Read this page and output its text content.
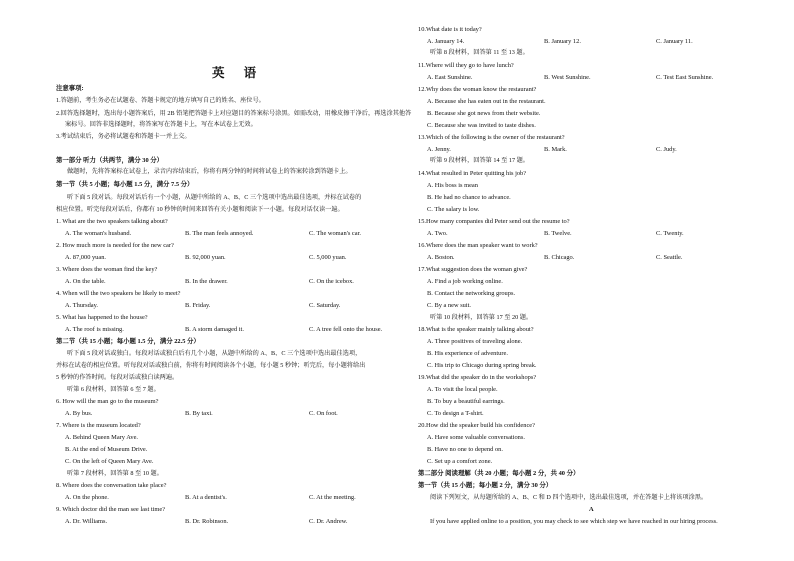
英 语
注意事项:
1.答题前，考生务必在试题卷、答题卡规定的地方填写自己的姓名、座位号。
2.回答选择题时，选出每小题答案后，用 2B 铅笔把答题卡上对应题目的答案标号涂黑。如需改动，用橡皮擦干净后，再选涂其他答
案标号。回答非选择题时，将答案写在答题卡上，写在本试卷上无效。
3.考试结束后，务必将试题卷和答题卡一并上交。
第一部分 听力（共两节，满分 30 分）
做题时，先将答案标在试卷上，录音内容结束后，你将有两分钟的时间将试卷上的答案转涂到答题卡上。
第一节（共 5 小题；每小题 1.5 分，满分 7.5 分）
听下面 5 段对话。每段对话后有一个小题，从题中所给的 A、B、C 三个选项中选出最佳选项，并标在试卷的
相应位置。听完每段对话后，你都有 10 秒钟的时间来回答有关小题和阅读下一小题。每段对话仅读一遍。
1. What are the two speakers talking about?
A. The woman's husband.	B. The man feels annoyed.	C. The woman's car.
2. How much more is needed for the new car?
A. 87,000 yuan.	B. 92,000 yuan.	C. 5,000 yuan.
3. Where does the woman find the key?
A. On the table.	B. In the drawer.	C. On the icebox.
4. When will the two speakers be likely to meet?
A. Thursday.	B. Friday.	C. Saturday.
5. What has happened to the house?
A. The roof is missing.	B. A storm damaged it.	C. A tree fell onto the house.
第二节（共 15 小题；每小题 1.5 分，满分 22.5 分）
听下面 5 段对话或独白。每段对话或独白后有几个小题，从题中所给的 A、B、C 三个选项中选出最佳选项，
并标在试卷的相应位置。听每段对话或独白前，你将有时间阅读各个小题，每小题 5 秒钟；听完后，每小题将给出
5 秒钟的作答时间。每段对话或独白读两遍。
听第 6 段材料，回答第 6 至 7 题。
6. How will the man go to the museum?
A. By bus.	B. By taxi.	C. On foot.
7. Where is the museum located?
A. Behind Queen Mary Ave.
B. At the end of Museum Drive.
C. On the left of Queen Mary Ave.
听第 7 段材料，回答第 8 至 10 题。
8. Where does the conversation take place?
A. On the phone.	B. At a dentist's.	C. At the meeting.
9. Which doctor did the man see last time?
A. Dr. Williams.	B. Dr. Robinson.	C. Dr. Andrew.
10.What date is it today?
A. January 14.	B. January 12.	C. January 11.
听第 8 段材料，回答第 11 至 13 题。
11.Where will they go to have lunch?
A. East Sunshine.	B. West Sunshine.	C. Test East Sunshine.
12.Why does the woman know the restaurant?
A. Because she has eaten out in the restaurant.
B. Because she got news from their website.
C. Because she was invited to taste dishes.
13.Which of the following is the owner of the restaurant?
A. Jenny.	B. Mark.	C. Judy.
听第 9 段材料，回答第 14 至 17 题。
14.What resulted in Peter quitting his job?
A. His boss is mean
B. He had no chance to advance.
C. The salary is low.
15.How many companies did Peter send out the resume to?
A. Two.	B. Twelve.	C. Twenty.
16.Where does the man speaker want to work?
A. Boston.	B. Chicago.	C. Seattle.
17.What suggestion does the woman give?
A. Find a job working online.
B. Contact the networking groups.
C. By a new suit.
听第 10 段材料，回答第 17 至 20 题。
18.What is the speaker mainly talking about?
A. Three positives of traveling alone.
B. His experience of adventure.
C. His trip to Chicago during spring break.
19.What did the speaker do in the workshops?
A. To visit the local people.
B. To buy a beautiful earrings.
C. To design a T-shirt.
20.How did the speaker build his confidence?
A. Have some valuable conversations.
B. Have no one to depend on.
C. Set up a comfort zone.
第二部分 阅读理解（共 20 小题；每小题 2 分，共 40 分）
第一节（共 15 小题；每小题 2 分，满分 30 分）
阅读下列短文，从每题所给的 A、B、C 和 D 四个选项中，选出最佳选项，并在答题卡上将该项涂黑。
A
If you have applied online to a position, you may check to see which step we have reached in our hiring process.
